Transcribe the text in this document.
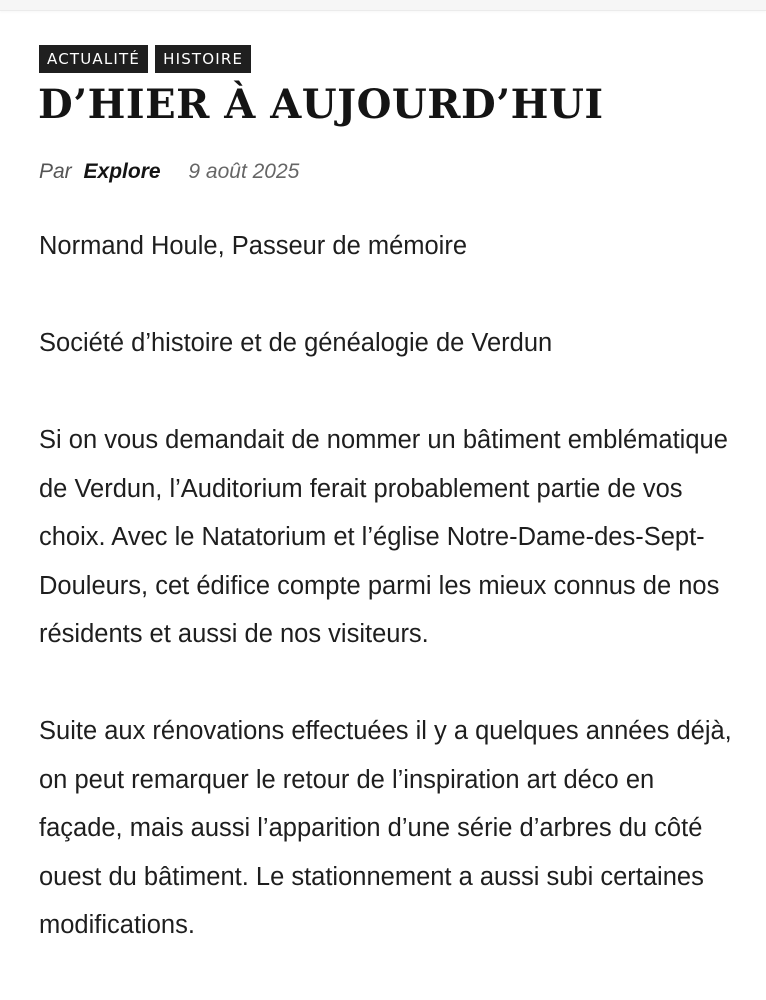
ACTUALITÉ	HISTOIRE
D’HIER À AUJOURD’HUI
Par Explore 9 août 2025

Normand Houle, Passeur de mémoire

Société d’histoire et de généalogie de Verdun

Si on vous demandait de nommer un bâtiment emblématique de Verdun, l’Auditorium ferait probablement partie de vos choix. Avec le Natatorium et l’église Notre-Dame-des-Sept-Douleurs, cet édifice compte parmi les mieux connus de nos résidents et aussi de nos visiteurs.

Suite aux rénovations effectuées il y a quelques années déjà, on peut remarquer le retour de l’inspiration art déco en façade, mais aussi l’apparition d’une série d’arbres du côté ouest du bâtiment. Le stationnement a aussi subi certaines modifications.
